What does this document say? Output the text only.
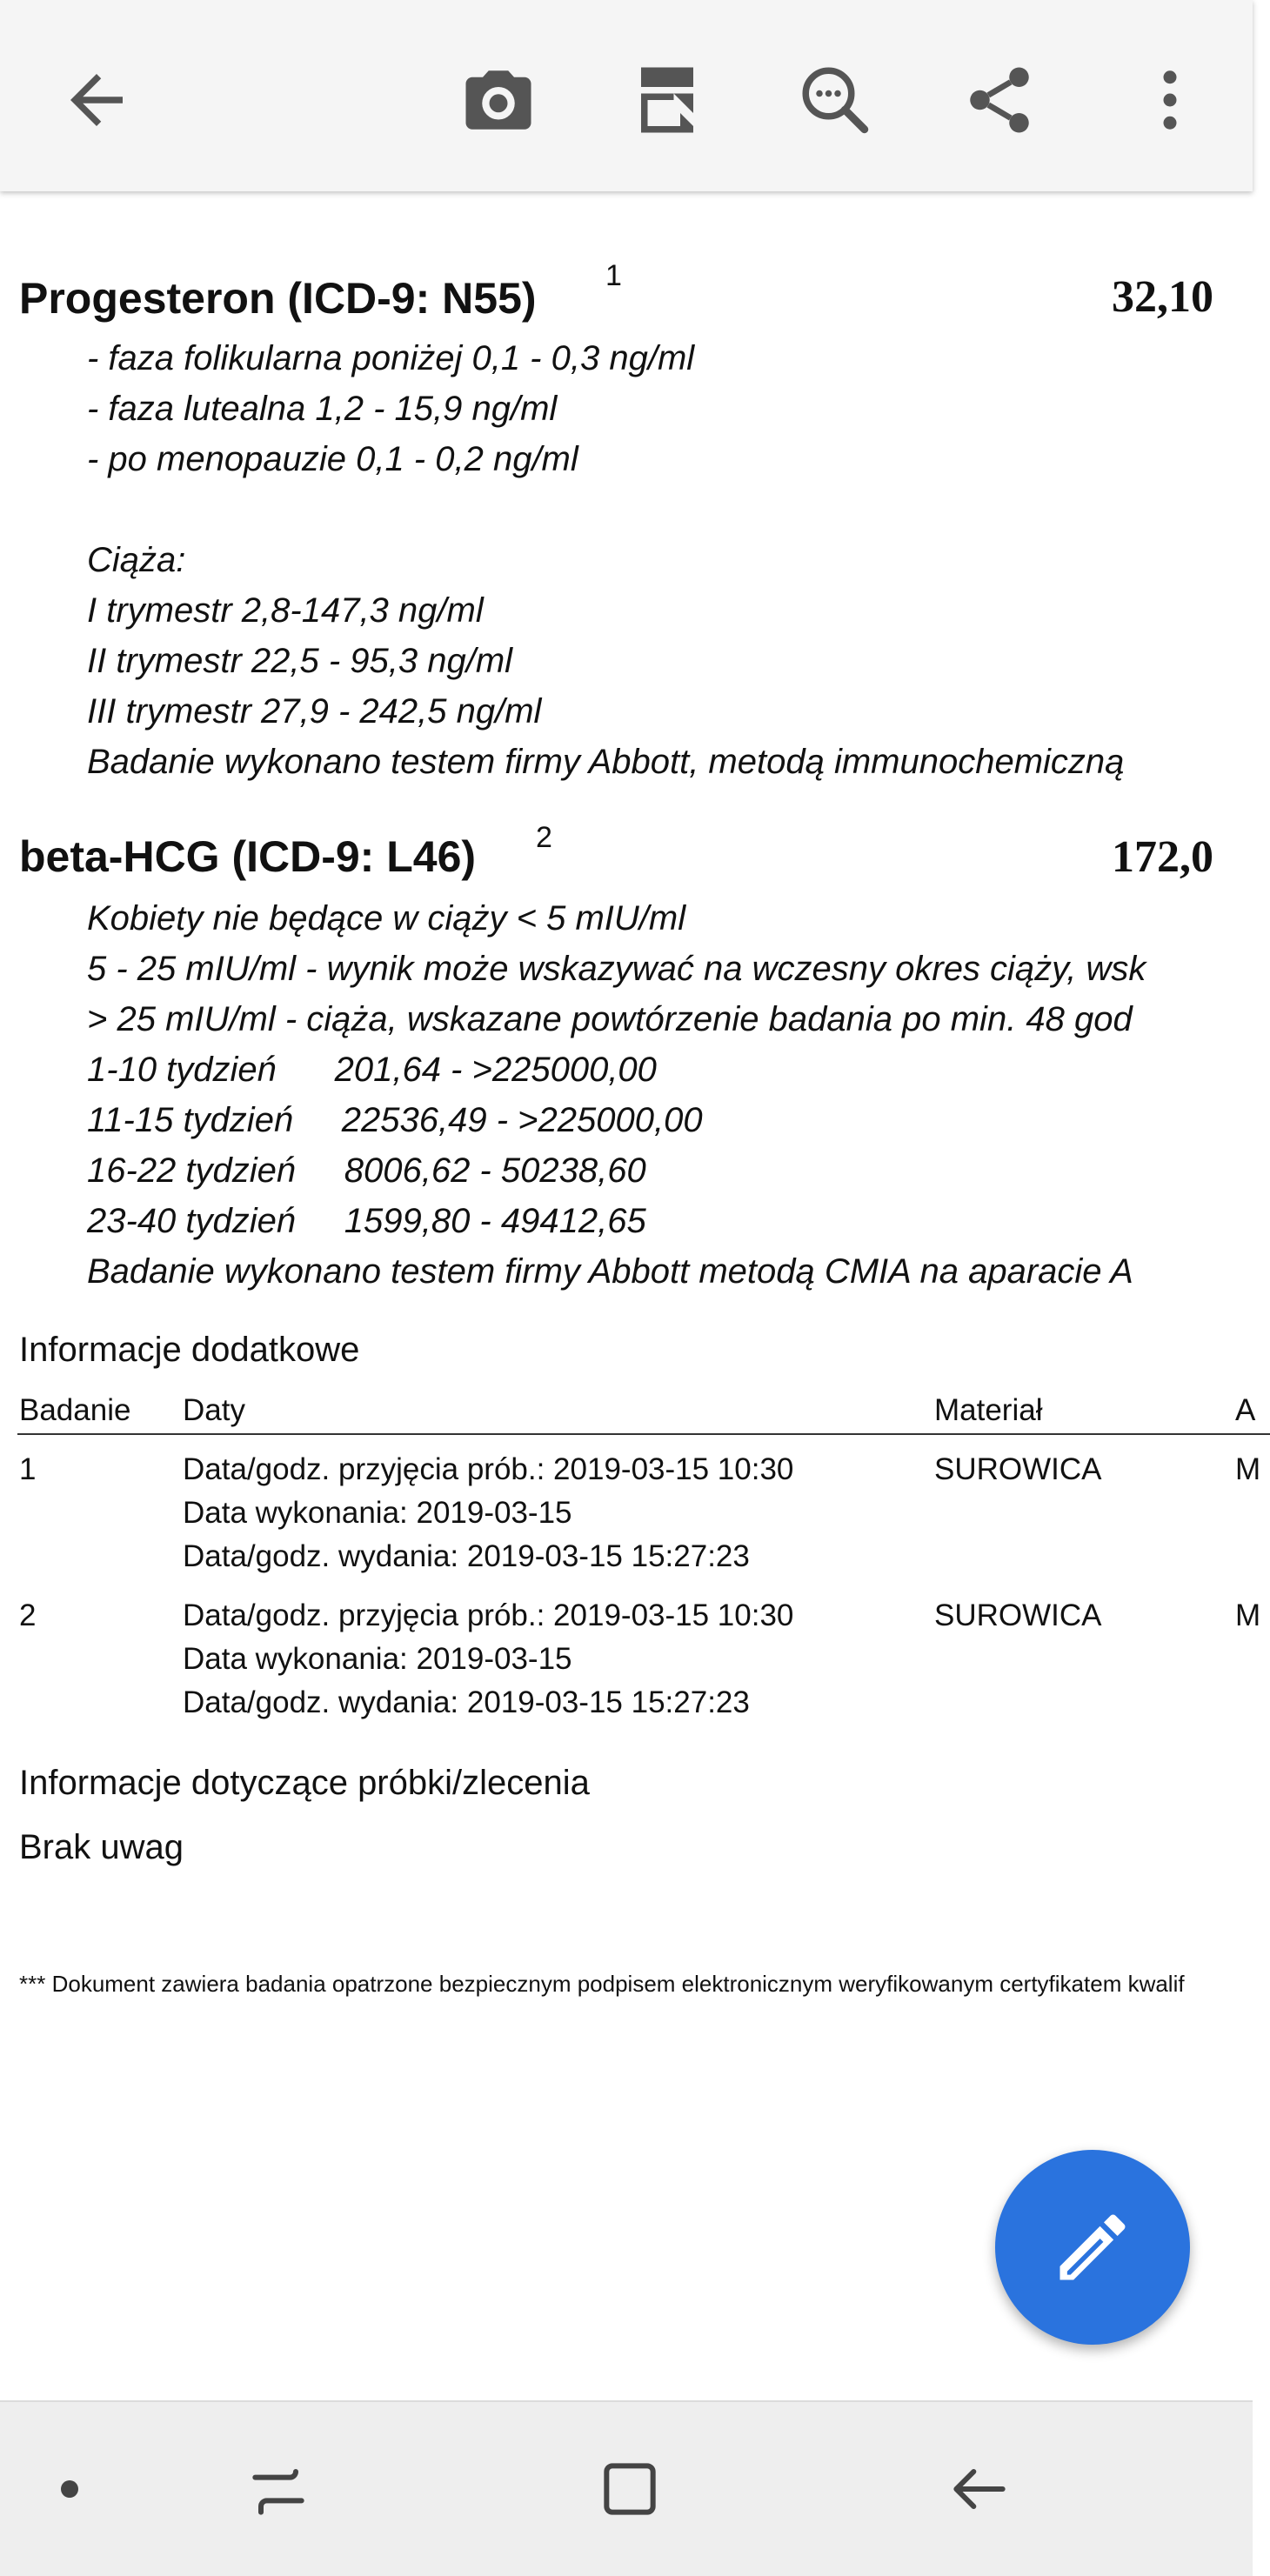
Progesteron (ICD-9: N55) 1	32,10
- faza folikularna poniżej 0,1 - 0,3 ng/ml
- faza lutealna 1,2 - 15,9 ng/ml
- po menopauzie 0,1 - 0,2 ng/ml
Ciąża:
I trymestr 2,8-147,3 ng/ml
II trymestr 22,5 - 95,3 ng/ml
III trymestr 27,9 - 242,5 ng/ml
Badanie wykonano testem firmy Abbott, metodą immunochemiczną
beta-HCG (ICD-9: L46) 2	172,0
Kobiety nie będące w ciąży < 5 mIU/ml
5 - 25 mIU/ml - wynik może wskazywać na wczesny okres ciąży, wsk
> 25 mIU/ml - ciąża, wskazane powtórzenie badania po min. 48 god
1-10 tydzień      201,64 - >225000,00
11-15 tydzień     22536,49 - >225000,00
16-22 tydzień     8006,62 - 50238,60
23-40 tydzień     1599,80 - 49412,65
Badanie wykonano testem firmy Abbott metodą CMIA na aparacie A
Informacje dodatkowe
Badanie Daty	Materiał	A
1	Data/godz. przyjęcia prób.: 2019-03-15 10:30
Data wykonania: 2019-03-15
Data/godz. wydania: 2019-03-15 15:27:23
SUROWICA	M
2	Data/godz. przyjęcia prób.: 2019-03-15 10:30
Data wykonania: 2019-03-15
Data/godz. wydania: 2019-03-15 15:27:23
SUROWICA	M
Informacje dotyczące próbki/zlecenia
Brak uwag
*** Dokument zawiera badania opatrzone bezpiecznym podpisem elektronicznym weryfikowanym certyfikatem kwalif
